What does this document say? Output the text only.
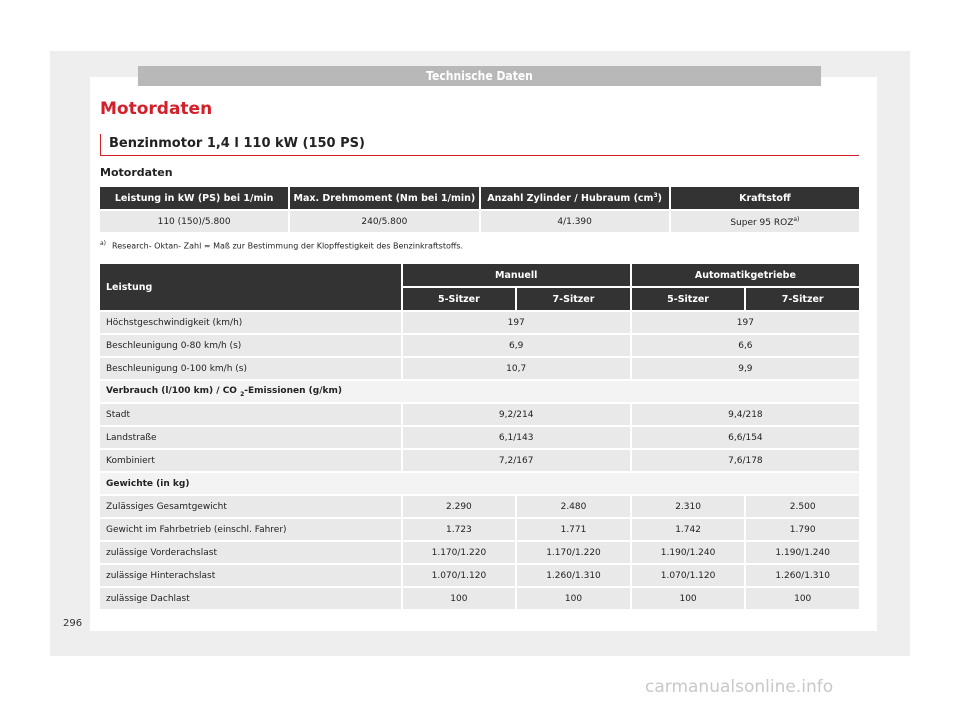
Technische Daten
Motordaten
Benzinmotor 1,4 l 110 kW (150 PS)
Motordaten
Leistung in kW (PS) bei 1/min	Max. Drehmoment (Nm bei 1/min)	Anzahl Zylinder / Hubraum $(cm^3)$	Kraftstoff
110 (150)/5.800	240/5.800	4/1.390	Super 95 ROZ$^{a)}$
$^{a)}$ Research- Oktan- Zahl = Maß zur Bestimmung der Klopffestigkeit des Benzinkraftstoffs.
Leistung	Manuell		Automatikgetriebe	
	5-Sitzer	7-Sitzer	5-Sitzer	7-Sitzer
Höchstgeschwindigkeit (km/h)	197		197	
Beschleunigung 0-80 km/h (s)	6,9		6,6	
Beschleunigung 0-100 km/h (s)	10,7		9,9	
Verbrauch (l/100 km) / CO $_2$-Emissionen (g/km)				
Stadt	9,2/214		9,4/218	
Landstraße	6,1/143		6,6/154	
Kombiniert	7,2/167		7,6/178	
Gewichte (in kg)				
Zulässiges Gesamtgewicht	2.290	2.480	2.310	2.500
Gewicht im Fahrbetrieb (einschl. Fahrer)	1.723	1.771	1.742	1.790
zulässige Vorderachslast	1.170/1.220	1.170/1.220	1.190/1.240	1.190/1.240
zulässige Hinterachslast	1.070/1.120	1.260/1.310	1.070/1.120	1.260/1.310
zulässige Dachlast	100	100	100	100
296
carmanualsonline.info
